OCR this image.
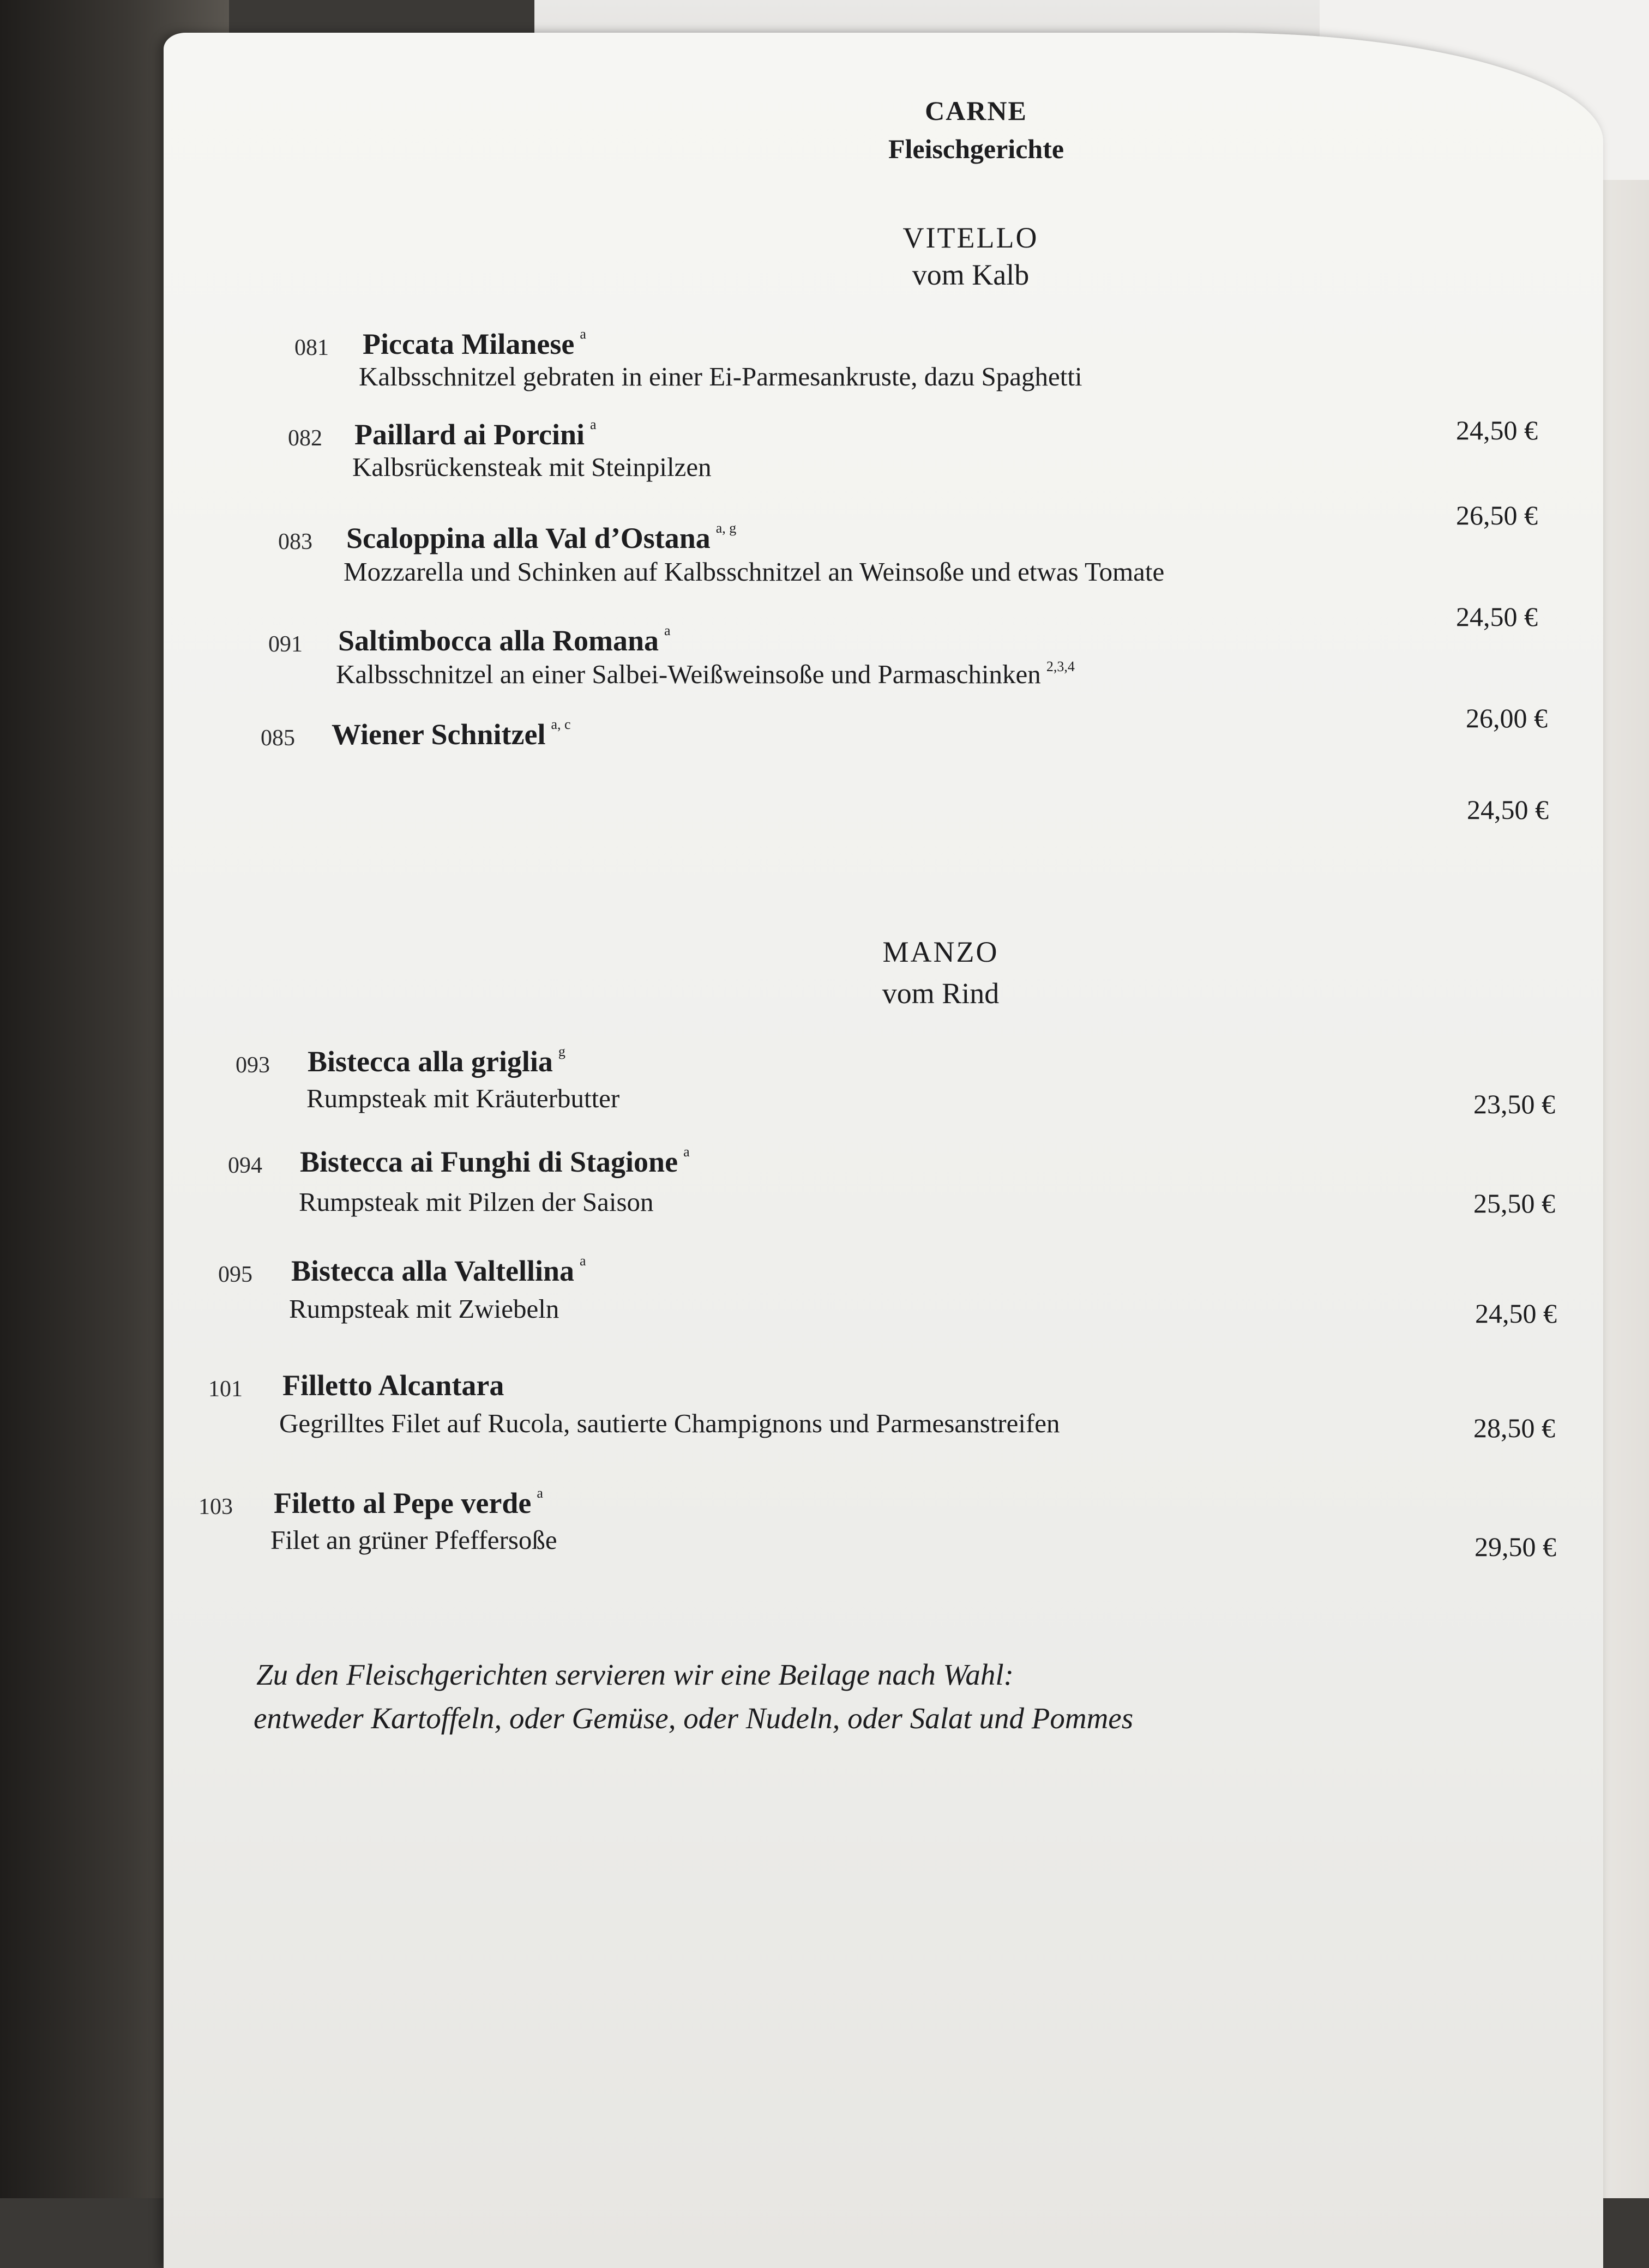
CARNE
Fleischgerichte
VITELLO
vom Kalb
081 Piccata Milanese $^a$
Kalbsschnitzel gebraten in einer Ei-Parmesankruste, dazu Spaghetti
24,50 €
082 Paillard ai Porcini $^a$
Kalbsrückensteak mit Steinpilzen
26,50 €
083 Scaloppina alla Val d’Ostana $^{a, g}$
Mozzarella und Schinken auf Kalbsschnitzel an Weinsoße und etwas Tomate
24,50 €
091 Saltimbocca alla Romana $^a$
Kalbsschnitzel an einer Salbei-Weißweinsoße und Parmaschinken $^{2,3,4}$
26,00 €
085 Wiener Schnitzel $^{a, c}$
24,50 €
MANZO
vom Rind
093 Bistecca alla griglia $^g$
Rumpsteak mit Kräuterbutter	23,50 €
094 Bistecca ai Funghi di Stagione $^a$
Rumpsteak mit Pilzen der Saison	25,50 €
095 Bistecca alla Valtellina $^a$
Rumpsteak mit Zwiebeln	24,50 €
101 Filletto Alcantara
Gegrilltes Filet auf Rucola, sautierte Champignons und Parmesanstreifen	28,50 €
103 Filetto al Pepe verde $^a$
Filet an grüner Pfeffersoße	29,50 €
Zu den Fleischgerichten servieren wir eine Beilage nach Wahl:
entweder Kartoffeln, oder Gemüse, oder Nudeln, oder Salat und Pommes
